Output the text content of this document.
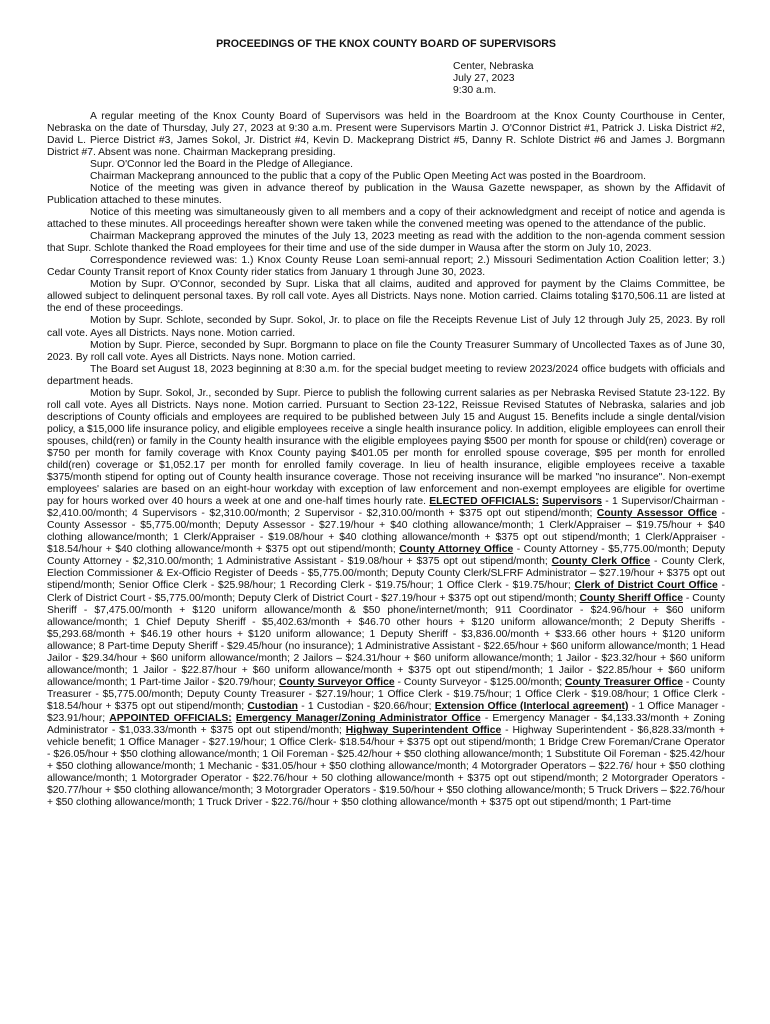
PROCEEDINGS OF THE KNOX COUNTY BOARD OF SUPERVISORS
Center, Nebraska
July 27, 2023
9:30 a.m.

A regular meeting of the Knox County Board of Supervisors was held in the Boardroom at the Knox County Courthouse in Center, Nebraska on the date of Thursday, July 27, 2023 at 9:30 a.m. Present were Supervisors Martin J. O'Connor District #1, Patrick J. Liska District #2, David L. Pierce District #3, James Sokol, Jr. District #4, Kevin D. Mackeprang District #5, Danny R. Schlote District #6 and James J. Borgmann District #7. Absent was none. Chairman Mackeprang presiding.

Supr. O'Connor led the Board in the Pledge of Allegiance.

Chairman Mackeprang announced to the public that a copy of the Public Open Meeting Act was posted in the Boardroom.

Notice of the meeting was given in advance thereof by publication in the Wausa Gazette newspaper, as shown by the Affidavit of Publication attached to these minutes.

Notice of this meeting was simultaneously given to all members and a copy of their acknowledgment and receipt of notice and agenda is attached to these minutes. All proceedings hereafter shown were taken while the convened meeting was opened to the attendance of the public.

Chairman Mackeprang approved the minutes of the July 13, 2023 meeting as read with the addition to the non-agenda comment session that Supr. Schlote thanked the Road employees for their time and use of the side dumper in Wausa after the storm on July 10, 2023.

Correspondence reviewed was: 1.) Knox County Reuse Loan semi-annual report; 2.) Missouri Sedimentation Action Coalition letter; 3.) Cedar County Transit report of Knox County rider statics from January 1 through June 30, 2023.

Motion by Supr. O'Connor, seconded by Supr. Liska that all claims, audited and approved for payment by the Claims Committee, be allowed subject to delinquent personal taxes. By roll call vote. Ayes all Districts. Nays none. Motion carried. Claims totaling $170,506.11 are listed at the end of these proceedings.

Motion by Supr. Schlote, seconded by Supr. Sokol, Jr. to place on file the Receipts Revenue List of July 12 through July 25, 2023. By roll call vote. Ayes all Districts. Nays none. Motion carried.

Motion by Supr. Pierce, seconded by Supr. Borgmann to place on file the County Treasurer Summary of Uncollected Taxes as of June 30, 2023. By roll call vote. Ayes all Districts. Nays none. Motion carried.

The Board set August 18, 2023 beginning at 8:30 a.m. for the special budget meeting to review 2023/2024 office budgets with officials and department heads.

Motion by Supr. Sokol, Jr., seconded by Supr. Pierce to publish the following current salaries as per Nebraska Revised Statute 23-122. By roll call vote. Ayes all Districts. Nays none. Motion carried. Pursuant to Section 23-122, Reissue Revised Statutes of Nebraska, salaries and job descriptions of County officials and employees are required to be published between July 15 and August 15. Benefits include a single dental/vision policy, a $15,000 life insurance policy, and eligible employees receive a single health insurance policy. In addition, eligible employees can enroll their spouses, child(ren) or family in the County health insurance with the eligible employees paying $500 per month for spouse or child(ren) coverage or $750 per month for family coverage with Knox County paying $401.05 per month for enrolled spouse coverage, $95 per month for enrolled child(ren) coverage or $1,052.17 per month for enrolled family coverage. In lieu of health insurance, eligible employees receive a taxable $375/month stipend for opting out of County health insurance coverage. Those not receiving insurance will be marked "no insurance". Non-exempt employees' salaries are based on an eight-hour workday with exception of law enforcement and non-exempt employees are eligible for overtime pay for hours worked over 40 hours a week at one and one-half times hourly rate. ELECTED OFFICIALS: Supervisors - 1 Supervisor/Chairman - $2,410.00/month; 4 Supervisors - $2,310.00/month; 2 Supervisor - $2,310.00/month + $375 opt out stipend/month; County Assessor Office - County Assessor - $5,775.00/month; Deputy Assessor - $27.19/hour + $40 clothing allowance/month; 1 Clerk/Appraiser – $19.75/hour + $40 clothing allowance/month; 1 Clerk/Appraiser - $19.08/hour + $40 clothing allowance/month + $375 opt out stipend/month; 1 Clerk/Appraiser - $18.54/hour + $40 clothing allowance/month + $375 opt out stipend/month; County Attorney Office - County Attorney - $5,775.00/month; Deputy County Attorney - $2,310.00/month; 1 Administrative Assistant - $19.08/hour + $375 opt out stipend/month; County Clerk Office - County Clerk, Election Commissioner & Ex-Officio Register of Deeds - $5,775.00/month; Deputy County Clerk/SLFRF Administrator – $27.19/hour + $375 opt out stipend/month; Senior Office Clerk - $25.98/hour; 1 Recording Clerk - $19.75/hour; 1 Office Clerk - $19.75/hour; Clerk of District Court Office - Clerk of District Court - $5,775.00/month; Deputy Clerk of District Court - $27.19/hour + $375 opt out stipend/month; County Sheriff Office - County Sheriff - $7,475.00/month + $120 uniform allowance/month & $50 phone/internet/month; 911 Coordinator - $24.96/hour + $60 uniform allowance/month; 1 Chief Deputy Sheriff - $5,402.63/month + $46.70 other hours + $120 uniform allowance/month; 2 Deputy Sheriffs - $5,293.68/month + $46.19 other hours + $120 uniform allowance; 1 Deputy Sheriff - $3,836.00/month + $33.66 other hours + $120 uniform allowance; 8 Part-time Deputy Sheriff - $29.45/hour (no insurance); 1 Administrative Assistant - $22.65/hour + $60 uniform allowance/month; 1 Head Jailor - $29.34/hour + $60 uniform allowance/month; 2 Jailors – $24.31/hour + $60 uniform allowance/month; 1 Jailor - $23.32/hour + $60 uniform allowance/month; 1 Jailor - $22.87/hour + $60 uniform allowance/month + $375 opt out stipend/month; 1 Jailor - $22.85/hour + $60 uniform allowance/month; 1 Part-time Jailor - $20.79/hour; County Surveyor Office - County Surveyor - $125.00/month; County Treasurer Office - County Treasurer - $5,775.00/month; Deputy County Treasurer - $27.19/hour; 1 Office Clerk - $19.75/hour; 1 Office Clerk - $19.08/hour; 1 Office Clerk - $18.54/hour + $375 opt out stipend/month; Custodian - 1 Custodian - $20.66/hour; Extension Office (Interlocal agreement) - 1 Office Manager - $23.91/hour; APPOINTED OFFICIALS: Emergency Manager/Zoning Administrator Office - Emergency Manager - $4,133.33/month + Zoning Administrator - $1,033.33/month + $375 opt out stipend/month; Highway Superintendent Office - Highway Superintendent - $6,828.33/month + vehicle benefit; 1 Office Manager - $27.19/hour; 1 Office Clerk- $18.54/hour + $375 opt out stipend/month; 1 Bridge Crew Foreman/Crane Operator - $26.05/hour + $50 clothing allowance/month; 1 Oil Foreman - $25.42/hour + $50 clothing allowance/month; 1 Substitute Oil Foreman - $25.42/hour + $50 clothing allowance/month; 1 Mechanic - $31.05/hour + $50 clothing allowance/month; 4 Motorgrader Operators – $22.76/ hour + $50 clothing allowance/month; 1 Motorgrader Operator - $22.76/hour + 50 clothing allowance/month + $375 opt out stipend/month; 2 Motorgrader Operators - $20.77/hour + $50 clothing allowance/month; 3 Motorgrader Operators - $19.50/hour + $50 clothing allowance/month; 5 Truck Drivers – $22.76/hour + $50 clothing allowance/month; 1 Truck Driver - $22.76//hour + $50 clothing allowance/month + $375 opt out stipend/month; 1 Part-time
